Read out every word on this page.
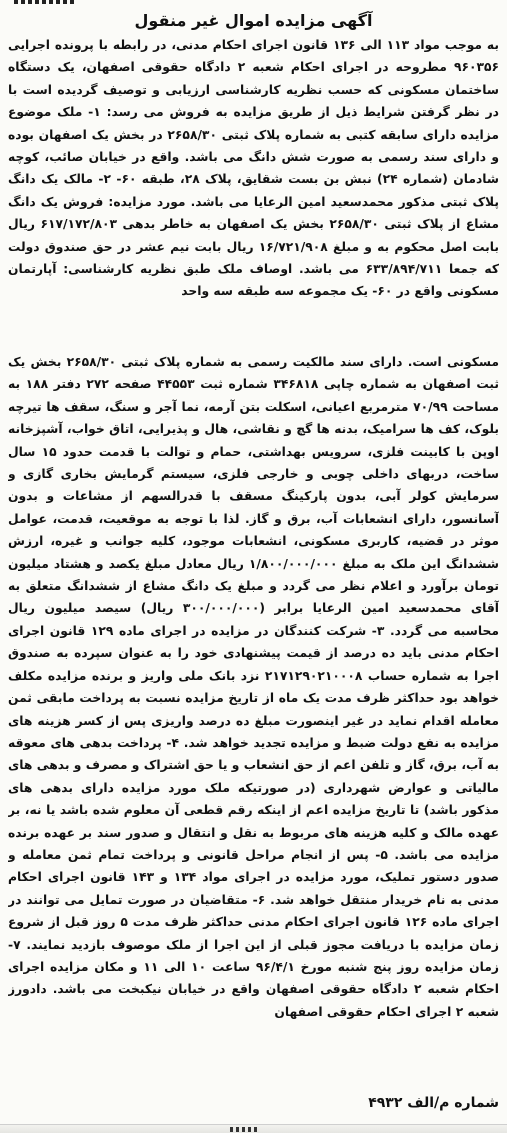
آگهی مزایده اموال غیر منقول

به موجب مواد ۱۱۳ الی ۱۳۶ قانون اجرای احکام مدنی، در رابطه با پرونده اجرایی ۹۶۰۳۵۶ مطروحه در اجرای احکام شعبه ۲ دادگاه حقوقی اصفهان، یک دستگاه ساختمان مسکونی که حسب نظریه کارشناسی ارزیابی و توصیف گردیده است با در نظر گرفتن شرایط ذیل از طریق مزایده به فروش می رسد: ۱- ملک موضوع مزایده دارای سابقه کتبی به شماره پلاک ثبتی ۲۶۵۸/۳۰ در بخش یک اصفهان بوده و دارای سند رسمی به صورت شش دانگ می باشد. واقع در خیابان صائب، کوچه شادمان (شماره ۲۴) نبش بن بست شقایق، پلاک ۲۸، طبقه ۶۰- ۲- مالک یک دانگ پلاک ثبتی مذکور محمدسعید امین الرعایا می باشد. مورد مزایده: فروش یک دانگ مشاع از پلاک ثبتی ۲۶۵۸/۳۰ بخش یک اصفهان به خاطر بدهی ۶۱۷/۱۷۲/۸۰۳ ریال بابت اصل محکوم به و مبلغ ۱۶/۷۲۱/۹۰۸ ریال بابت نیم عشر در حق صندوق دولت که جمعا ۶۳۳/۸۹۴/۷۱۱ می باشد. اوصاف ملک طبق نظریه کارشناسی: آپارتمان مسکونی واقع در ۶۰- یک مجموعه سه طبقه سه واحد

مسکونی است. دارای سند مالکیت رسمی به شماره پلاک ثبتی ۲۶۵۸/۳۰ بخش یک ثبت اصفهان به شماره چاپی ۳۴۶۸۱۸ شماره ثبت ۴۴۵۵۳ صفحه ۲۷۲ دفتر ۱۸۸ به مساحت ۷۰/۹۹ مترمربع اعیانی، اسکلت بتن آرمه، نما آجر و سنگ، سقف ها تیرچه بلوک، کف ها سرامیک، بدنه ها گچ و نقاشی، هال و پذیرایی، اتاق خواب، آشپزخانه اوپن با کابینت فلزی، سرویس بهداشتی، حمام و توالت با قدمت حدود ۱۵ سال ساخت، دربهای داخلی چوبی و خارجی فلزی، سیستم گرمایش بخاری گازی و سرمایش کولر آبی، بدون پارکینگ مسقف با قدرالسهم از مشاعات و بدون آسانسور، دارای انشعابات آب، برق و گاز. لذا با توجه به موقعیت، قدمت، عوامل موثر در قضیه، کاربری مسکونی، انشعابات موجود، کلیه جوانب و غیره، ارزش ششدانگ این ملک به مبلغ ۱/۸۰۰/۰۰۰/۰۰۰ ریال معادل مبلغ یکصد و هشتاد میلیون تومان برآورد و اعلام نظر می گردد و مبلغ یک دانگ مشاع از ششدانگ متعلق به آقای محمدسعید امین الرعایا برابر (۳۰۰/۰۰۰/۰۰۰ ریال) سیصد میلیون ریال محاسبه می گردد. ۳- شرکت کنندگان در مزایده در اجرای ماده ۱۲۹ قانون اجرای احکام مدنی باید ده درصد از قیمت پیشنهادی خود را به عنوان سپرده به صندوق اجرا به شماره حساب ۲۱۷۱۲۹۰۲۱۰۰۰۸ نزد بانک ملی واریز و برنده مزایده مکلف خواهد بود حداکثر ظرف مدت یک ماه از تاریخ مزایده نسبت به پرداخت مابقی ثمن معامله اقدام نماید در غیر اینصورت مبلغ ده درصد واریزی پس از کسر هزینه های مزایده به نفع دولت ضبط و مزایده تجدید خواهد شد. ۴- پرداخت بدهی های معوقه به آب، برق، گاز و تلفن اعم از حق انشعاب و یا حق اشتراک و مصرف و بدهی های مالیاتی و عوارض شهرداری (در صورتیکه ملک مورد مزایده دارای بدهی های مذکور باشد) تا تاریخ مزایده اعم از اینکه رقم قطعی آن معلوم شده باشد یا نه، بر عهده مالک و کلیه هزینه های مربوط به نقل و انتقال و صدور سند بر عهده برنده مزایده می باشد. ۵- پس از انجام مراحل قانونی و پرداخت تمام ثمن معامله و صدور دستور تملیک، مورد مزایده در اجرای مواد ۱۳۴ و ۱۴۳ قانون اجرای احکام مدنی به نام خریدار منتقل خواهد شد. ۶- متقاضیان در صورت تمایل می توانند در اجرای ماده ۱۲۶ قانون اجرای احکام مدنی حداکثر ظرف مدت ۵ روز قبل از شروع زمان مزایده با دریافت مجوز قبلی از این اجرا از ملک موصوف بازدید نمایند. ۷- زمان مزایده روز پنج شنبه مورخ ۹۶/۴/۱ ساعت ۱۰ الی ۱۱ و مکان مزایده اجرای احکام شعبه ۲ دادگاه حقوقی اصفهان واقع در خیابان نیکبخت می باشد. دادورز شعبه ۲ اجرای احکام حقوقی اصفهان

شماره م/الف ۴۹۳۲
